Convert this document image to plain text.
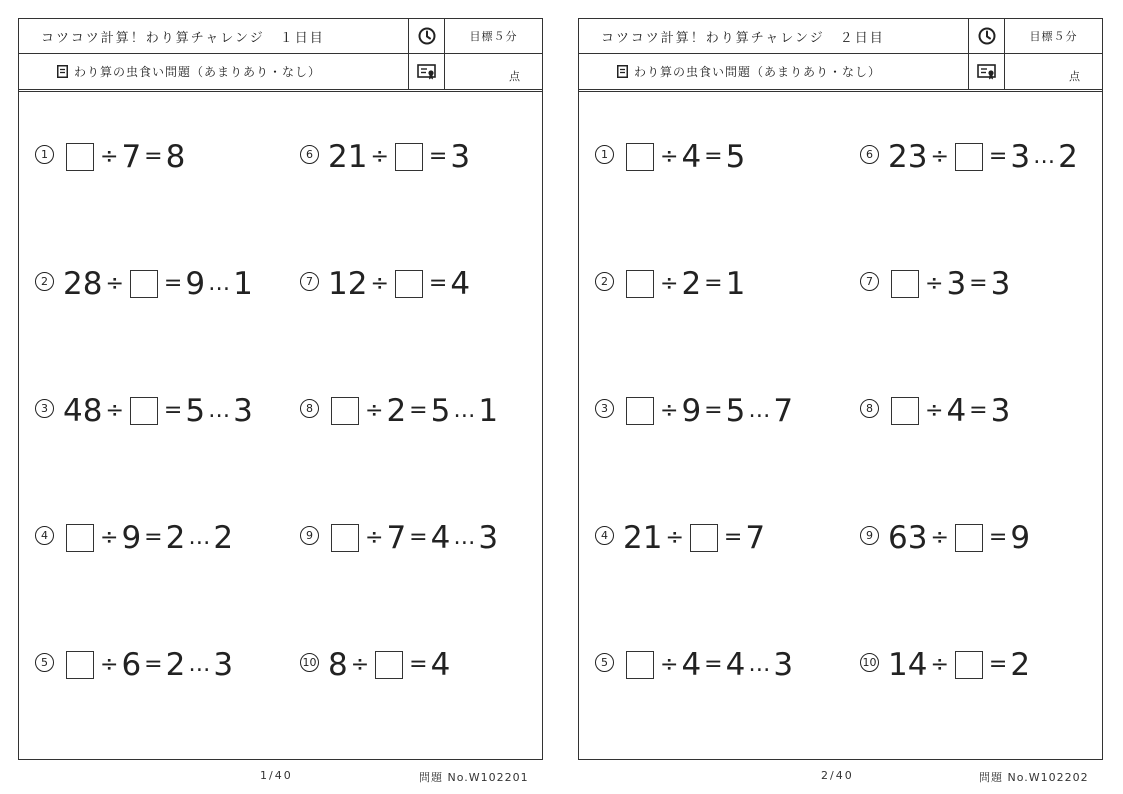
コツコツ計算！わり算チャレンジ　１日目	目標５分
わり算の虫食い問題（あまりあり・なし）	点
1 ÷ 7 = 8
2 28 ÷ = 9 … 1
3 48 ÷ = 5 … 3
4 ÷ 9 = 2 … 2
5 ÷ 6 = 2 … 3
6 21 ÷ = 3
7 12 ÷ = 4
8 ÷ 2 = 5 … 1
9 ÷ 7 = 4 … 3
10 8 ÷ = 4
コツコツ計算！わり算チャレンジ　２日目	目標５分
わり算の虫食い問題（あまりあり・なし）	点
1 ÷ 4 = 5
2 ÷ 2 = 1
3 ÷ 9 = 5 … 7
4 21 ÷ = 7
5 ÷ 4 = 4 … 3
6 23 ÷ = 3 … 2
7 ÷ 3 = 3
8 ÷ 4 = 3
9 63 ÷ = 9
10 14 ÷ = 2
1/40	問題 No.W102201	2/40	問題 No.W102202
